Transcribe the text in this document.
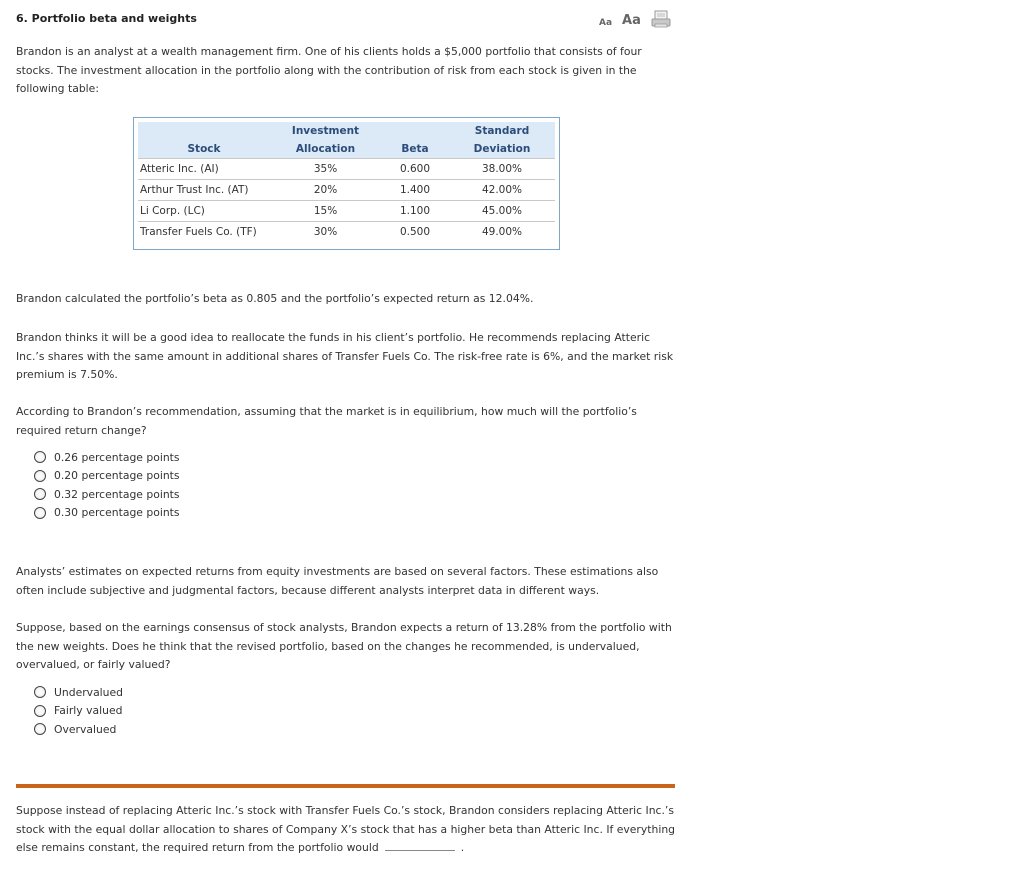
6. Portfolio beta and weights	Aa Aa

Brandon is an analyst at a wealth management firm. One of his clients holds a $5,000 portfolio that consists of four stocks. The investment allocation in the portfolio along with the contribution of risk from each stock is given in the following table:

	Investment		Standard
Stock	Allocation	Beta	Deviation
Atteric Inc. (AI)	35%	0.600	38.00%
Arthur Trust Inc. (AT)	20%	1.400	42.00%
Li Corp. (LC)	15%	1.100	45.00%
Transfer Fuels Co. (TF)	30%	0.500	49.00%

Brandon calculated the portfolio’s beta as 0.805 and the portfolio’s expected return as 12.04%.

Brandon thinks it will be a good idea to reallocate the funds in his client’s portfolio. He recommends replacing Atteric Inc.’s shares with the same amount in additional shares of Transfer Fuels Co. The risk-free rate is 6%, and the market risk premium is 7.50%.

According to Brandon’s recommendation, assuming that the market is in equilibrium, how much will the portfolio’s required return change?

0.26 percentage points
0.20 percentage points
0.32 percentage points
0.30 percentage points

Analysts’ estimates on expected returns from equity investments are based on several factors. These estimations also often include subjective and judgmental factors, because different analysts interpret data in different ways.

Suppose, based on the earnings consensus of stock analysts, Brandon expects a return of 13.28% from the portfolio with the new weights. Does he think that the revised portfolio, based on the changes he recommended, is undervalued, overvalued, or fairly valued?

Undervalued
Fairly valued
Overvalued

Suppose instead of replacing Atteric Inc.’s stock with Transfer Fuels Co.’s stock, Brandon considers replacing Atteric Inc.’s stock with the equal dollar allocation to shares of Company X’s stock that has a higher beta than Atteric Inc. If everything else remains constant, the required return from the portfolio would	.
